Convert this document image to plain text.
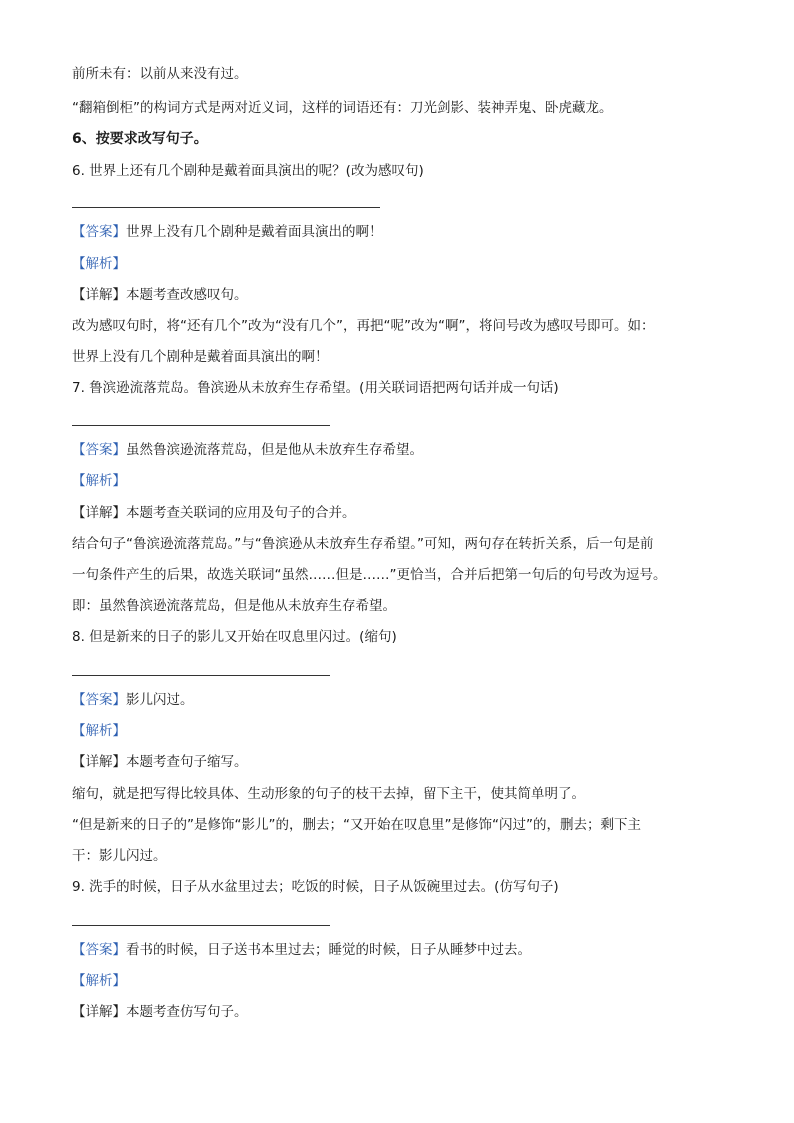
前所未有：以前从来没有过。
“翻箱倒柜”的构词方式是两对近义词，这样的词语还有：刀光剑影、装神弄鬼、卧虎藏龙。
6、按要求改写句子。
6. 世界上还有几个剧种是戴着面具演出的呢？(改为感叹句)
【答案】世界上没有几个剧种是戴着面具演出的啊！
【解析】
【详解】本题考查改感叹句。
改为感叹句时，将“还有几个”改为“没有几个”，再把“呢”改为“啊”，将问号改为感叹号即可。如：
世界上没有几个剧种是戴着面具演出的啊！
7. 鲁滨逊流落荒岛。鲁滨逊从未放弃生存希望。(用关联词语把两句话并成一句话)
【答案】虽然鲁滨逊流落荒岛，但是他从未放弃生存希望。
【解析】
【详解】本题考查关联词的应用及句子的合并。
结合句子“鲁滨逊流落荒岛。”与“鲁滨逊从未放弃生存希望。”可知，两句存在转折关系，后一句是前
一句条件产生的后果，故选关联词“虽然……但是……”更恰当，合并后把第一句后的句号改为逗号。
即：虽然鲁滨逊流落荒岛，但是他从未放弃生存希望。
8. 但是新来的日子的影儿又开始在叹息里闪过。(缩句)
【答案】影儿闪过。
【解析】
【详解】本题考查句子缩写。
缩句，就是把写得比较具体、生动形象的句子的枝干去掉，留下主干，使其简单明了。
“但是新来的日子的”是修饰“影儿”的，删去；“又开始在叹息里”是修饰“闪过”的，删去；剩下主
干：影儿闪过。
9. 洗手的时候，日子从水盆里过去；吃饭的时候，日子从饭碗里过去。(仿写句子)
【答案】看书的时候，日子送书本里过去；睡觉的时候，日子从睡梦中过去。
【解析】
【详解】本题考查仿写句子。
